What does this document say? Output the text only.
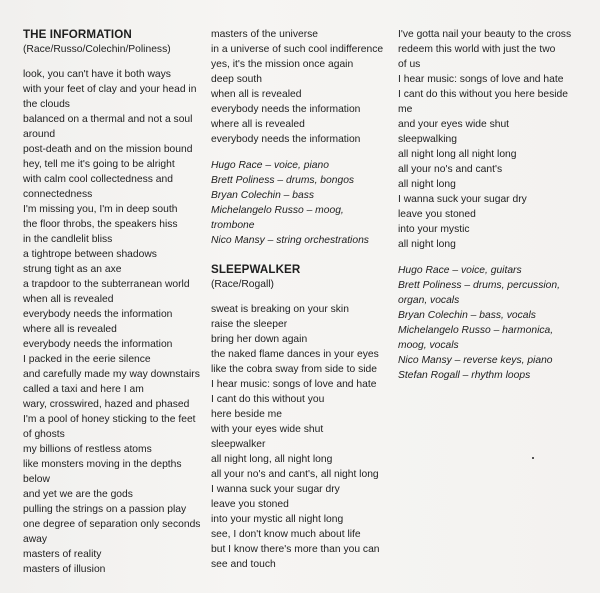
THE INFORMATION
(Race/Russo/Colechin/Poliness)
look, you can't have it both ways
with your feet of clay and your head in
the clouds
balanced on a thermal and not a soul
around
post-death and on the mission bound
hey, tell me it's going to be alright
with calm cool collectedness and
connectedness
I'm missing you, I'm in deep south
the floor throbs, the speakers hiss
in the candlelit bliss
a tightrope between shadows
strung tight as an axe
a trapdoor to the subterranean world
when all is revealed
everybody needs the information
where all is revealed
everybody needs the information
I packed in the eerie silence
and carefully made my way downstairs
called a taxi and here I am
wary, crosswired, hazed and phased
I'm a pool of honey sticking to the feet
of ghosts
my billions of restless atoms
like monsters moving in the depths
below
and yet we are the gods
pulling the strings on a passion play
one degree of separation only seconds
away
masters of reality
masters of illusion
masters of the universe
in a universe of such cool indifference
yes, it's the mission once again
deep south
when all is revealed
everybody needs the information
where all is revealed
everybody needs the information
Hugo Race – voice, piano
Brett Poliness – drums, bongos
Bryan Colechin – bass
Michelangelo Russo – moog,
trombone
Nico Mansy – string orchestrations
SLEEPWALKER
(Race/Rogall)
sweat is breaking on your skin
raise the sleeper
bring her down again
the naked flame dances in your eyes
like the cobra sway from side to side
I hear music: songs of love and hate
I cant do this without you
here beside me
with your eyes wide shut
sleepwalker
all night long, all night long
all your no's and cant's, all night long
I wanna suck your sugar dry
leave you stoned
into your mystic all night long
see, I don't know much about life
but I know there's more than you can
see and touch
I've gotta nail your beauty to the cross
redeem this world with just the two
of us
I hear music: songs of love and hate
I cant do this without you here beside
me
and your eyes wide shut
sleepwalking
all night long all night long
all your no's and cant's
all night long
I wanna suck your sugar dry
leave you stoned
into your mystic
all night long
Hugo Race – voice, guitars
Brett Poliness – drums, percussion,
organ, vocals
Bryan Colechin – bass, vocals
Michelangelo Russo – harmonica,
moog, vocals
Nico Mansy – reverse keys, piano
Stefan Rogall – rhythm loops
